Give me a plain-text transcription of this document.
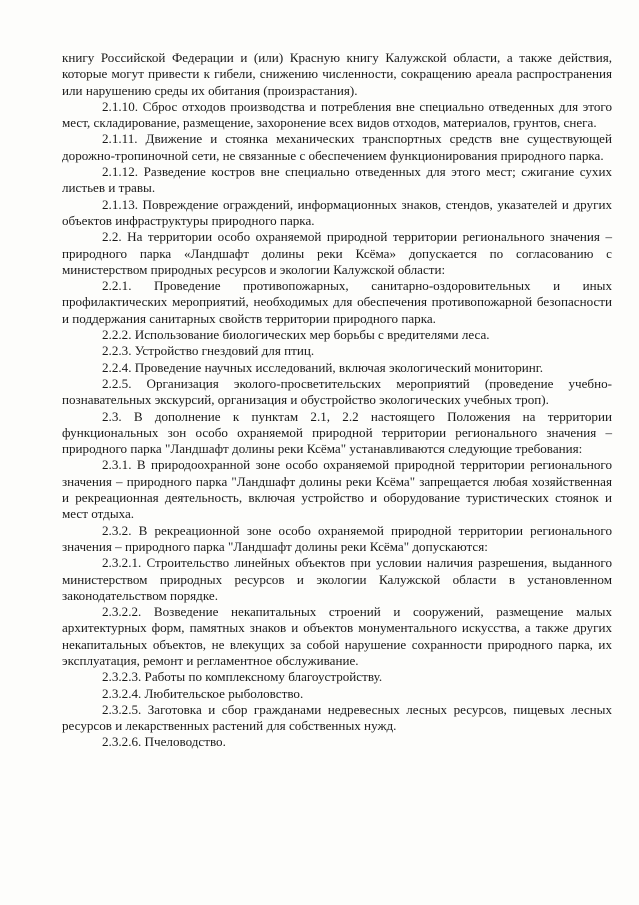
книгу Российской Федерации и (или) Красную книгу Калужской области, а также действия, которые могут привести к гибели, снижению численности, сокращению ареала распространения или нарушению среды их обитания (произрастания).

2.1.10. Сброс отходов производства и потребления вне специально отведенных для этого мест, складирование, размещение, захоронение всех видов отходов, материалов, грунтов, снега.

2.1.11. Движение и стоянка механических транспортных средств вне существующей дорожно-тропиночной сети, не связанные с обеспечением функционирования природного парка.

2.1.12. Разведение костров вне специально отведенных для этого мест; сжигание сухих листьев и травы.

2.1.13. Повреждение ограждений, информационных знаков, стендов, указателей и других объектов инфраструктуры природного парка.

2.2. На территории особо охраняемой природной территории регионального значения – природного парка «Ландшафт долины реки Ксёма» допускается по согласованию с министерством природных ресурсов и экологии Калужской области:

2.2.1. Проведение противопожарных, санитарно-оздоровительных и иных профилактических мероприятий, необходимых для обеспечения противопожарной безопасности и поддержания санитарных свойств территории природного парка.

2.2.2. Использование биологических мер борьбы с вредителями леса.

2.2.3. Устройство гнездовий для птиц.

2.2.4. Проведение научных исследований, включая экологический мониторинг.

2.2.5. Организация эколого-просветительских мероприятий (проведение учебно-познавательных экскурсий, организация и обустройство экологических учебных троп).

2.3. В дополнение к пунктам 2.1, 2.2 настоящего Положения на территории функциональных зон особо охраняемой природной территории регионального значения – природного парка "Ландшафт долины реки Ксёма" устанавливаются следующие требования:

2.3.1. В природоохранной зоне особо охраняемой природной территории регионального значения – природного парка "Ландшафт долины реки Ксёма" запрещается любая хозяйственная и рекреационная деятельность, включая устройство и оборудование туристических стоянок и мест отдыха.

2.3.2. В рекреационной зоне особо охраняемой природной территории регионального значения – природного парка "Ландшафт долины реки Ксёма" допускаются:

2.3.2.1. Строительство линейных объектов при условии наличия разрешения, выданного министерством природных ресурсов и экологии Калужской области в установленном законодательством порядке.

2.3.2.2. Возведение некапитальных строений и сооружений, размещение малых архитектурных форм, памятных знаков и объектов монументального искусства, а также других некапитальных объектов, не влекущих за собой нарушение сохранности природного парка, их эксплуатация, ремонт и регламентное обслуживание.

2.3.2.3. Работы по комплексному благоустройству.

2.3.2.4. Любительское рыболовство.

2.3.2.5. Заготовка и сбор гражданами недревесных лесных ресурсов, пищевых лесных ресурсов и лекарственных растений для собственных нужд.

2.3.2.6. Пчеловодство.
